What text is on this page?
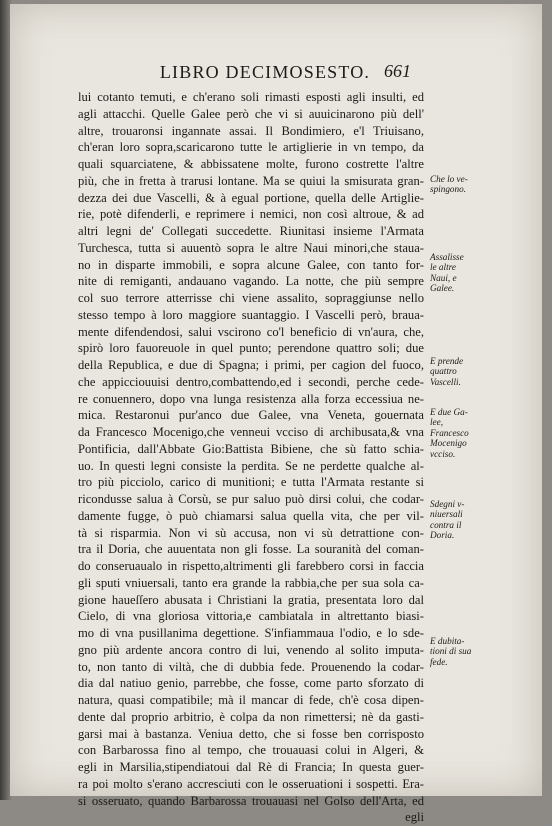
LIBRO DECIMOSESTO. 661
lui cotanto temuti, e ch'erano soli rimasti esposti agli insulti, ed
agli attacchi. Quelle Galee però che vi si auuicinarono più dell'
altre, trouaronsi ingannate assai. Il Bondimiero, e'l Triuisano,
ch'eran loro sopra,scaricarono tutte le artiglierie in vn tempo, da
quali squarciatene, & abbissatene molte, furono costrette l'altre
più, che in fretta à trarusi lontane. Ma se quiui la smisurata gran-
dezza dei due Vascelli, & à egual portione, quella delle Artiglie-
rie, potè difenderli, e reprimere i nemici, non così altroue, & ad
altri legni de' Collegati succedette. Riunitasi insieme l'Armata
Turchesca, tutta si auuentò sopra le altre Naui minori,che staua-
no in disparte immobili, e sopra alcune Galee, con tanto for-
nite di remiganti, andauano vagando. La notte, che più sempre
col suo terrore atterrisse chi viene assalito, sopraggiunse nello
stesso tempo à loro maggiore suantaggio. I Vascelli però, brauа-
mente difendendosi, salui vscirono co'l beneficio di vn'aura, che,
spirò loro fauoreuole in quel punto; perendone quattro soli; due
della Republica, e due di Spagna; i primi, per cagion del fuoco,
che appicciouuisi dentro,combattendo,ed i secondi, perche cede-
re conuennero, dopo vna lunga resistenza alla forza eccessiua ne-
mica. Restaronui pur'anco due Galee, vna Veneta, gouernata
da Francesco Mocenigo,che venneui vcciso di archibusata,& vna
Pontificia, dall'Abbate Gio:Battista Bibiene, che sù fatto schia-
uo. In questi legni consiste la perdita. Se ne perdette qualche al-
tro più picciolo, carico di munitioni; e tutta l'Armata restante si
ricondusse salua à Corsù, se pur saluo può dirsi colui, che codar-
damente fugge, ò può chiamarsi salua quella vita, che per vil-
tà si risparmia. Non vi sù accusa, non vi sù detrattione con-
tra il Doria, che auuentata non gli fosse. La souranità del coman-
do conseruaualo in rispetto,altrimenti gli farebbero corsi in faccia
gli sputi vniuersali, tanto era grande la rabbia,che per sua sola ca-
gione haueſſero abusata i Christiani la gratia, presentata loro dal
Cielo, di vna gloriosa vittoria,e cambiatala in altrettanto biasi-
mo di vna pusillanima degettione. S'infiammaua l'odio, e lo sde-
gno più ardente ancora contro di lui, venendo al solito imputa-
to, non tanto di viltà, che di dubbia fede. Prouenendo la codar-
dia dal natiuo genio, parrebbe, che fosse, come parto sforzato di
natura, quasi compatibile; mà il mancar di fede, ch'è cosa dipen-
dente dal proprio arbitrio, è colpa da non rimettersi; nè da gasti-
garsi mai à bastanza. Veniua detto, che si fosse ben corrisposto
con Barbarossa fino al tempo, che trouauasi colui in Algeri, &
egli in Marsilia,stipendiatoui dal Rè di Francia; In questa guer-
ra poi molto s'erano accresciuti con le osseruationi i sospetti. Era-
si osseruato, quando Barbarossa trouauasi nel Golso dell'Arta, ed
egli
Che lo ve-
spingono.
Assalisse
le altre
Naui, e
Galee.
E prende
quattro
Vascelli.
E due Ga-
lee,
Francesco
Mocenigo
vcciso.
Sdegni v-
niuersali
contra il
Doria.
E dubita-
tioni di sua
fede.
